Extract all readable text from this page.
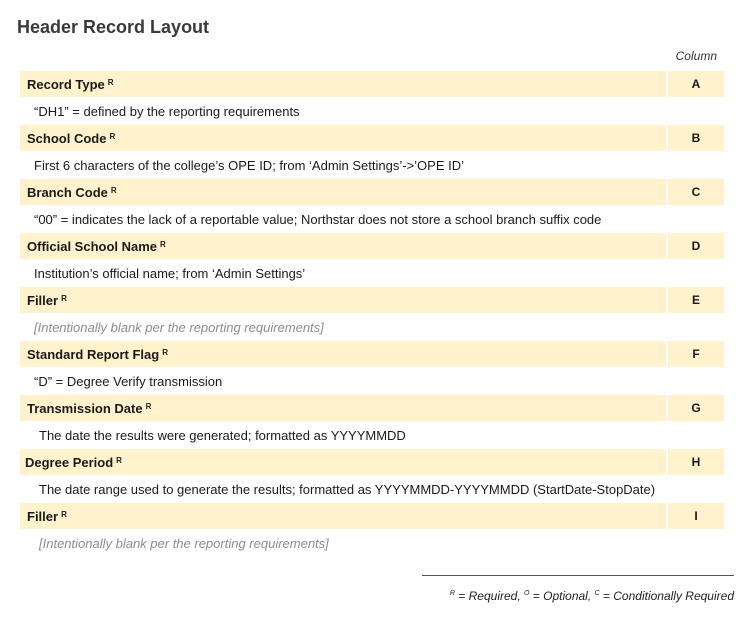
Header Record Layout
Column
Record Type $^R$	A
“DH1” = defined by the reporting requirements
School Code $^R$	B
First 6 characters of the college’s OPE ID; from ‘Admin Settings’->’OPE ID’
Branch Code $^R$	C
“00” = indicates the lack of a reportable value; Northstar does not store a school branch suffix code
Official School Name $^R$	D
Institution’s official name; from ‘Admin Settings’
Filler $^R$	E
[Intentionally blank per the reporting requirements]
Standard Report Flag $^R$	F
“D” = Degree Verify transmission
Transmission Date $^R$	G
The date the results were generated; formatted as YYYYMMDD
Degree Period $^R$	H
The date range used to generate the results; formatted as YYYYMMDD-YYYYMMDD (StartDate-StopDate)
Filler $^R$	I
[Intentionally blank per the reporting requirements]
$^R$ = Required, $^O$ = Optional, $^C$ = Conditionally Required
